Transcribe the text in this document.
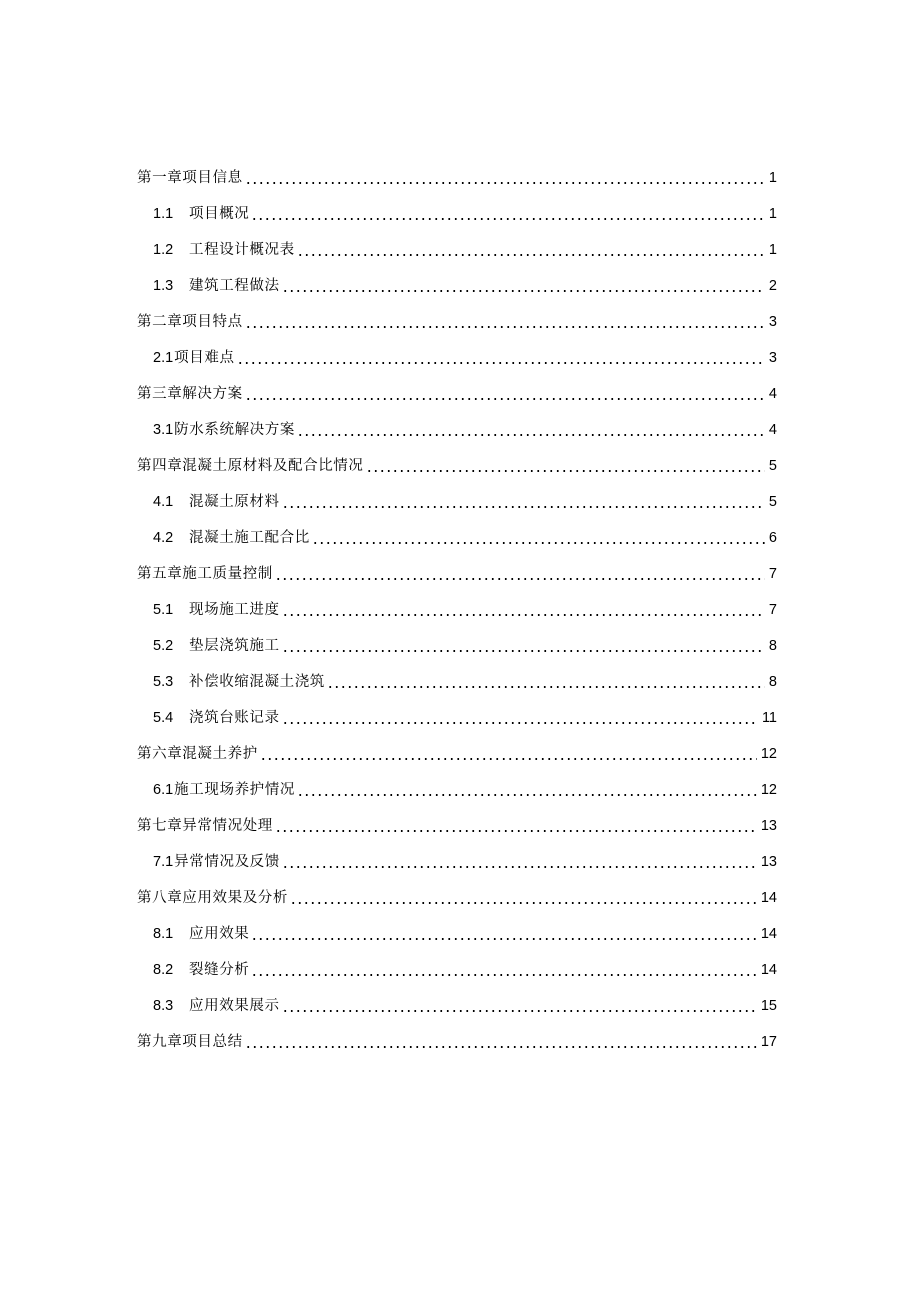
第一章项目信息	1
1.1	项目概况	1
1.2	工程设计概况表	1
1.3	建筑工程做法	2
第二章项目特点	3
2.1 项目难点	3
第三章解决方案	4
3.1 防水系统解决方案	4
第四章混凝土原材料及配合比情况	5
4.1	混凝土原材料	5
4.2	混凝土施工配合比	6
第五章施工质量控制	7
5.1	现场施工进度	7
5.2	垫层浇筑施工	8
5.3	补偿收缩混凝土浇筑	8
5.4	浇筑台账记录	11
第六章混凝土养护	12
6.1 施工现场养护情况	12
第七章异常情况处理	13
7.1 异常情况及反馈	13
第八章应用效果及分析	14
8.1	应用效果	14
8.2	裂缝分析	14
8.3	应用效果展示	15
第九章项目总结	17
